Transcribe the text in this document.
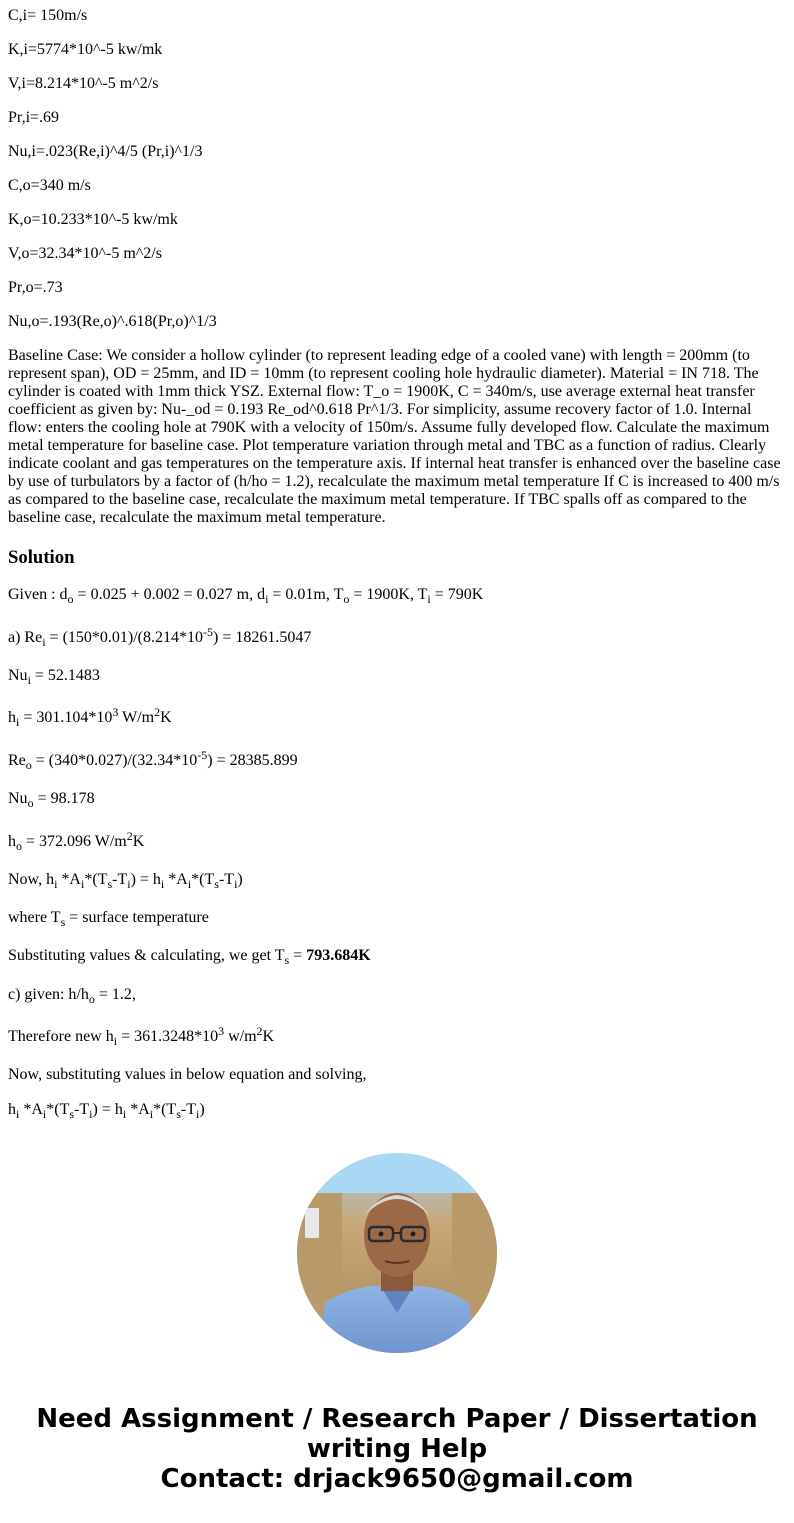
C,i= 150m/s

K,i=5774*10^-5 kw/mk

V,i=8.214*10^-5 m^2/s

Pr,i=.69

Nu,i=.023(Re,i)^4/5 (Pr,i)^1/3

C,o=340 m/s

K,o=10.233*10^-5 kw/mk

V,o=32.34*10^-5 m^2/s

Pr,o=.73

Nu,o=.193(Re,o)^.618(Pr,o)^1/3

Baseline Case: We consider a hollow cylinder (to represent leading edge of a cooled vane) with length = 200mm (to represent span), OD = 25mm, and ID = 10mm (to represent cooling hole hydraulic diameter). Material = IN 718. The cylinder is coated with 1mm thick YSZ. External flow: T_o = 1900K, C = 340m/s, use average external heat transfer coefficient as given by: Nu-_od = 0.193 Re_od^0.618 Pr^1/3. For simplicity, assume recovery factor of 1.0. Internal flow: enters the cooling hole at 790K with a velocity of 150m/s. Assume fully developed flow. Calculate the maximum metal temperature for baseline case. Plot temperature variation through metal and TBC as a function of radius. Clearly indicate coolant and gas temperatures on the temperature axis. If internal heat transfer is enhanced over the baseline case by use of turbulators by a factor of (h/ho = 1.2), recalculate the maximum metal temperature If C is increased to 400 m/s as compared to the baseline case, recalculate the maximum metal temperature. If TBC spalls off as compared to the baseline case, recalculate the maximum metal temperature.

Solution

Given : $d_o = 0.025 + 0.002 = 0.027$ m, $d_i = 0.01m$, $T_o = 1900K$, $T_i = 790K$

a) $Re_i = (150*0.01)/(8.214*10^{-5}) = 18261.5047$

$Nu_i = 52.1483$

$h_i = 301.104*10^3$ $W/m^2K$

$Re_o = (340*0.027)/(32.34*10^{-5}) = 28385.899$

$Nu_o = 98.178$

$h_o = 372.096$ $W/m^2K$

Now, $h_i$ $*A_i*(T_s-T_i) = h_i$ $*A_i*(T_s-T_i)$

where $T_s$ = surface temperature

Substituting values & calculating, we get $T_s = 793.684K$

c) given: $h/h_o = 1.2$,

Therefore new $h_i = 361.3248*10^3$ $w/m^2K$

Now, substituting values in below equation and solving,

$h_i$ $*A_i*(T_s-T_i) = h_i$ $*A_i*(T_s-T_i)$

Need Assignment / Research Paper / Dissertation
writing Help
Contact: drjack9650@gmail.com
